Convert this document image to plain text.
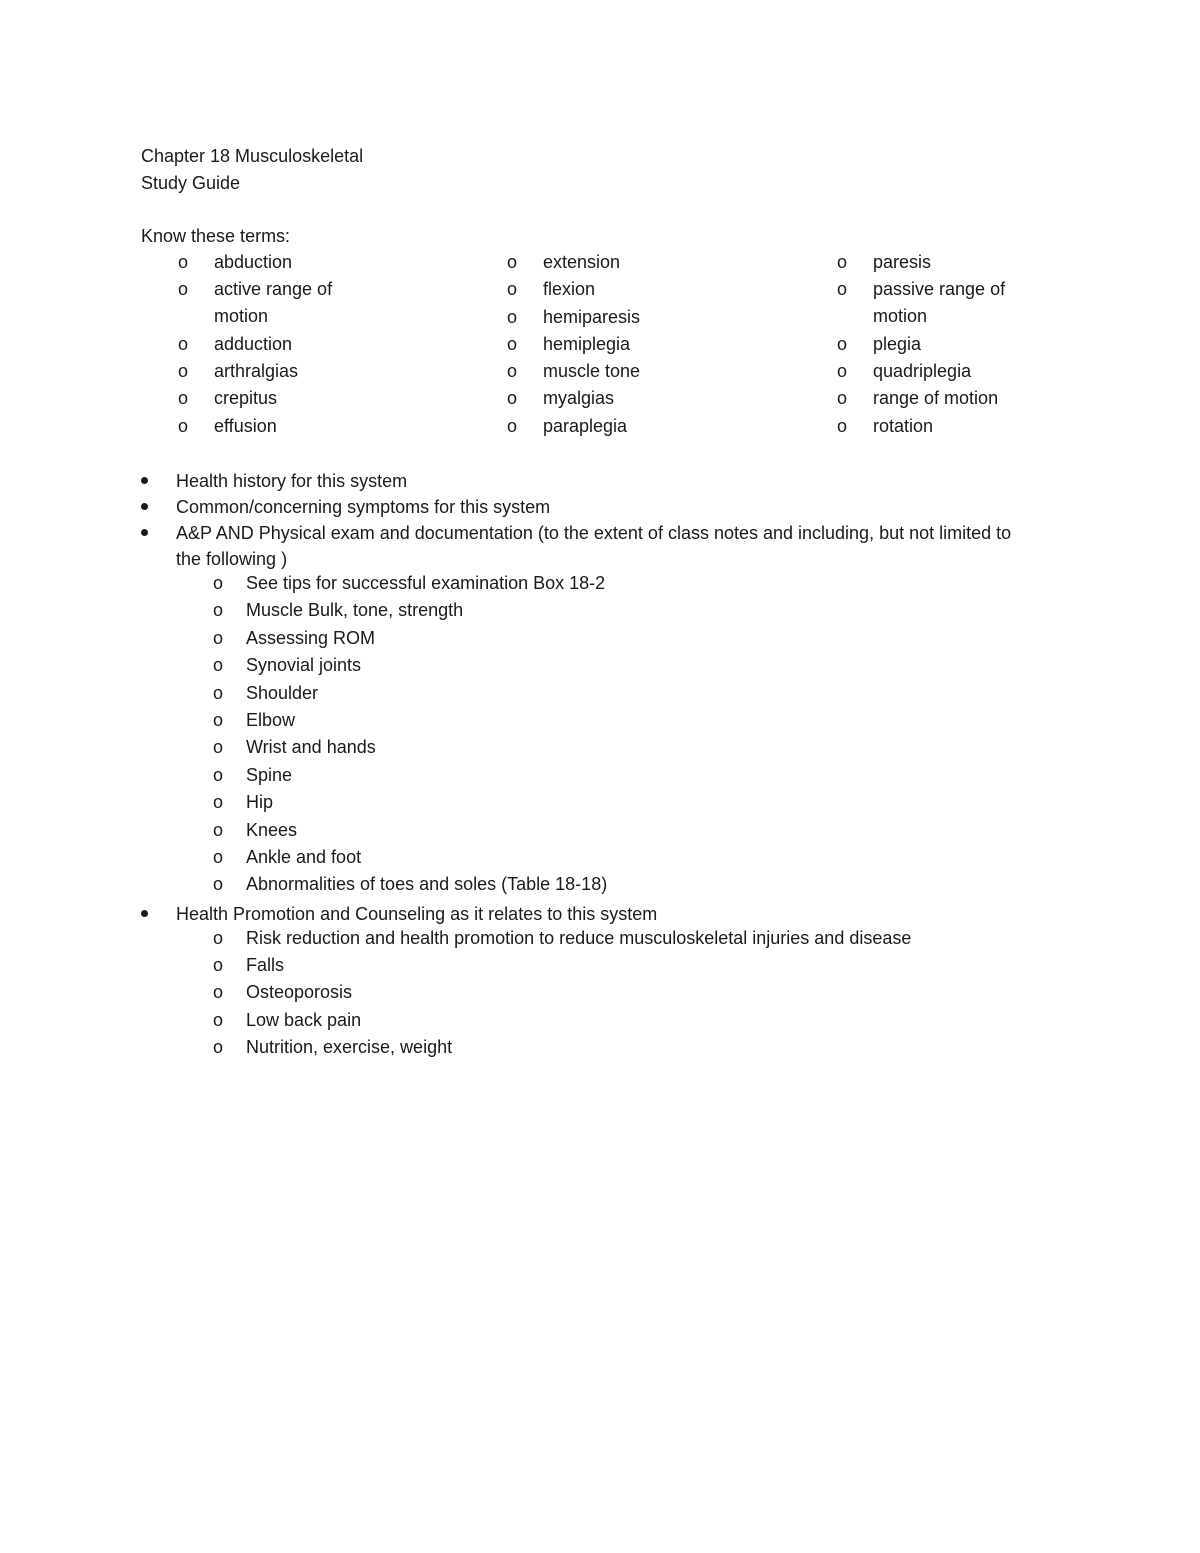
Chapter 18 Musculoskeletal
Study Guide
Know these terms:
o	abduction
o	active range of motion
o	adduction
o	arthralgias
o	crepitus
o	effusion
o	extension
o	flexion
o	hemiparesis
o	hemiplegia
o	muscle tone
o	myalgias
o	paraplegia
o	paresis
o	passive range of motion
o	plegia
o	quadriplegia
o	range of motion
o	rotation
Health history for this system
Common/concerning symptoms for this system
A&P AND Physical exam and documentation (to the extent of class notes and including, but not limited to the following )
o	See tips for successful examination Box 18-2
o	Muscle Bulk, tone, strength
o	Assessing ROM
o	Synovial joints
o	Shoulder
o	Elbow
o	Wrist and hands
o	Spine
o	Hip
o	Knees
o	Ankle and foot
o	Abnormalities of toes and soles (Table 18-18)
Health Promotion and Counseling as it relates to this system
o	Risk reduction and health promotion to reduce musculoskeletal injuries and disease
o	Falls
o	Osteoporosis
o	Low back pain
o	Nutrition, exercise, weight
